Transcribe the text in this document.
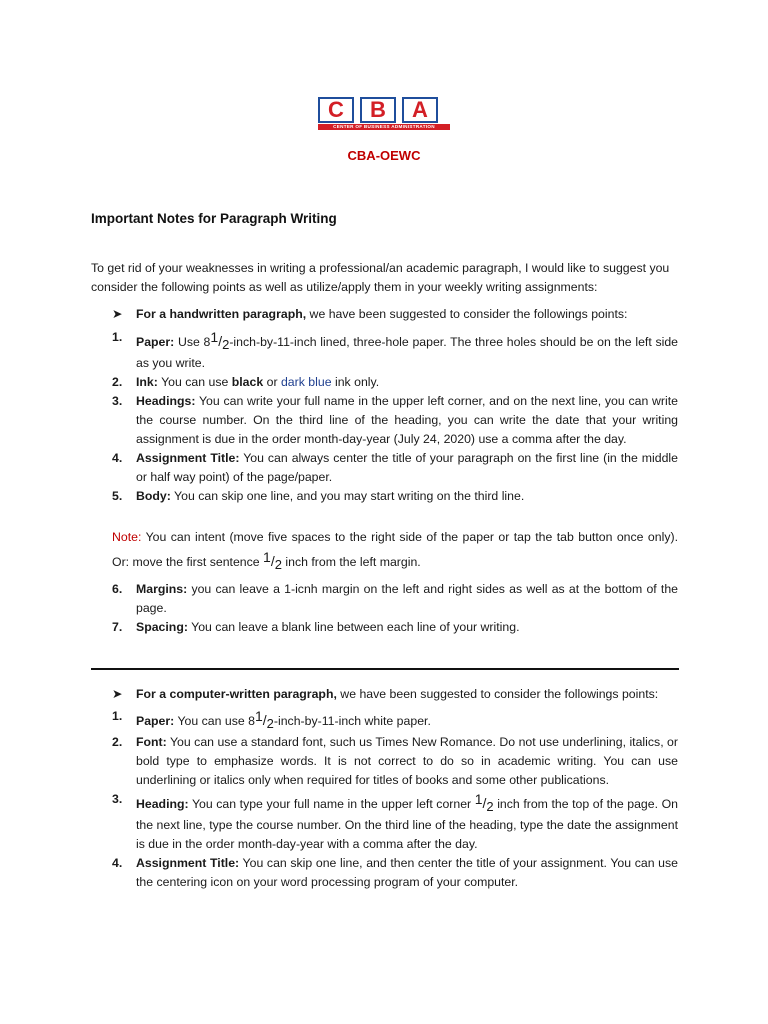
C	B	A
CENTER OF BUSINESS ADMINISTRATION
CBA-OEWC
Important Notes for Paragraph Writing
To get rid of your weaknesses in writing a professional/an academic paragraph, I would like to suggest you consider the following points as well as utilize/apply them in your weekly writing assignments:
➤ For a handwritten paragraph, we have been suggested to consider the followings points:
1. Paper: Use 81/2-inch-by-11-inch lined, three-hole paper. The three holes should be on the left side as you write.
2. Ink: You can use black or dark blue ink only.
3. Headings: You can write your full name in the upper left corner, and on the next line, you can write the course number. On the third line of the heading, you can write the date that your writing assignment is due in the order month-day-year (July 24, 2020) use a comma after the day.
4. Assignment Title: You can always center the title of your paragraph on the first line (in the middle or half way point) of the page/paper.
5. Body: You can skip one line, and you may start writing on the third line.
Note: You can intent (move five spaces to the right side of the paper or tap the tab button once only). Or: move the first sentence 1/2 inch from the left margin.
6. Margins: you can leave a 1-icnh margin on the left and right sides as well as at the bottom of the page.
7. Spacing: You can leave a blank line between each line of your writing.
➤ For a computer-written paragraph, we have been suggested to consider the followings points:
1. Paper: You can use 81/2-inch-by-11-inch white paper.
2. Font: You can use a standard font, such us Times New Romance. Do not use underlining, italics, or bold type to emphasize words. It is not correct to do so in academic writing. You can use underlining or italics only when required for titles of books and some other publications.
3. Heading: You can type your full name in the upper left corner 1/2 inch from the top of the page. On the next line, type the course number. On the third line of the heading, type the date the assignment is due in the order month-day-year with a comma after the day.
4. Assignment Title: You can skip one line, and then center the title of your assignment. You can use the centering icon on your word processing program of your computer.
